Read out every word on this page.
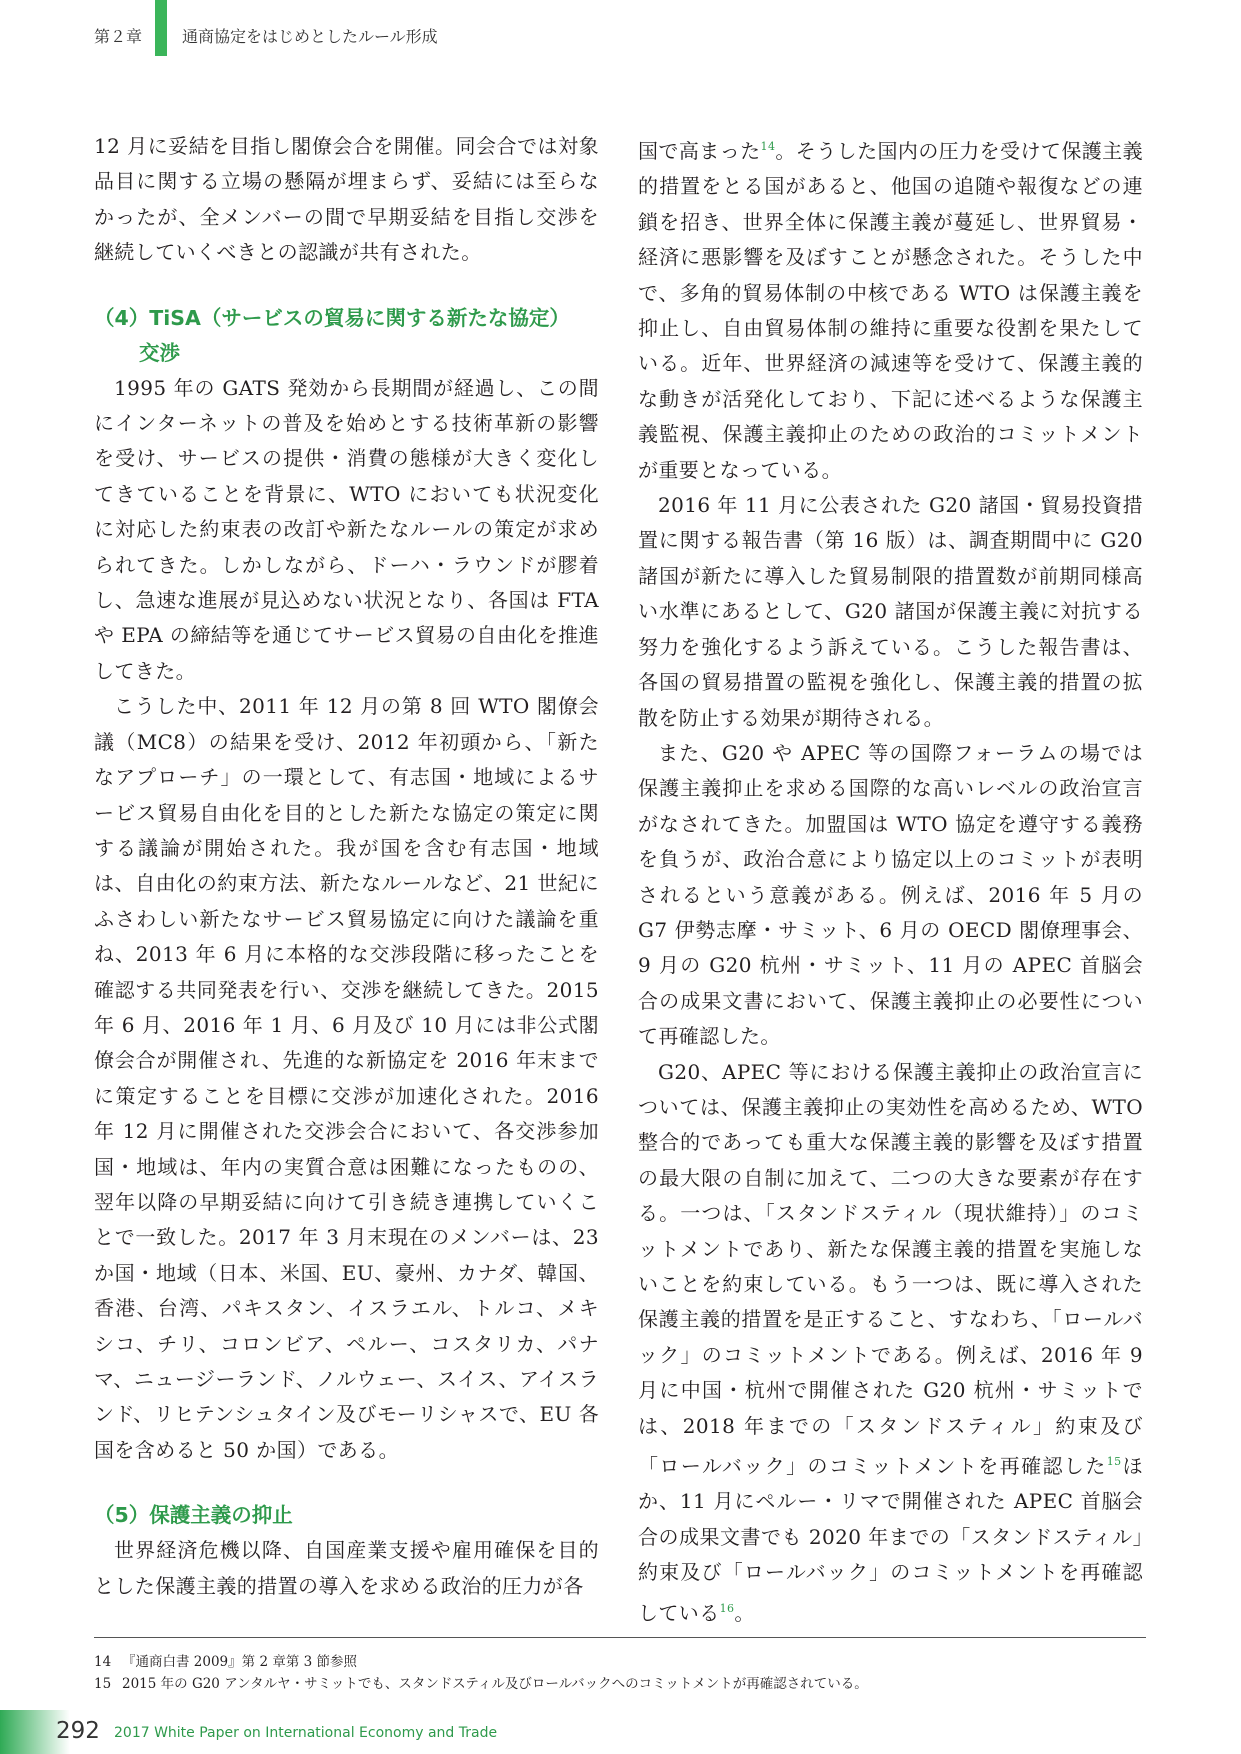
第２章 通商協定をはじめとしたルール形成

12 月に妥結を目指し閣僚会合を開催。同会合では対象品目に関する立場の懸隔が埋まらず、妥結には至らなかったが、全メンバーの間で早期妥結を目指し交渉を継続していくべきとの認識が共有された。

（4）TiSA（サービスの貿易に関する新たな協定）
交渉

1995 年の GATS 発効から長期間が経過し、この間にインターネットの普及を始めとする技術革新の影響を受け、サービスの提供・消費の態様が大きく変化してきていることを背景に、WTO においても状況変化に対応した約束表の改訂や新たなルールの策定が求められてきた。しかしながら、ドーハ・ラウンドが膠着し、急速な進展が見込めない状況となり、各国は FTA や EPA の締結等を通じてサービス貿易の自由化を推進してきた。

こうした中、2011 年 12 月の第 8 回 WTO 閣僚会議（MC8）の結果を受け、2012 年初頭から、「新たなアプローチ」の一環として、有志国・地域によるサービス貿易自由化を目的とした新たな協定の策定に関する議論が開始された。我が国を含む有志国・地域は、自由化の約束方法、新たなルールなど、21 世紀にふさわしい新たなサービス貿易協定に向けた議論を重ね、2013 年 6 月に本格的な交渉段階に移ったことを確認する共同発表を行い、交渉を継続してきた。2015 年 6 月、2016 年 1 月、6 月及び 10 月には非公式閣僚会合が開催され、先進的な新協定を 2016 年末までに策定することを目標に交渉が加速化された。2016 年 12 月に開催された交渉会合において、各交渉参加国・地域は、年内の実質合意は困難になったものの、翌年以降の早期妥結に向けて引き続き連携していくことで一致した。2017 年 3 月末現在のメンバーは、23 か国・地域（日本、米国、EU、豪州、カナダ、韓国、香港、台湾、パキスタン、イスラエル、トルコ、メキシコ、チリ、コロンビア、ペルー、コスタリカ、パナマ、ニュージーランド、ノルウェー、スイス、アイスランド、リヒテンシュタイン及びモーリシャスで、EU 各国を含めると 50 か国）である。

（5）保護主義の抑止

世界経済危機以降、自国産業支援や雇用確保を目的とした保護主義的措置の導入を求める政治的圧力が各

国で高まった$^{14}$。そうした国内の圧力を受けて保護主義的措置をとる国があると、他国の追随や報復などの連鎖を招き、世界全体に保護主義が蔓延し、世界貿易・経済に悪影響を及ぼすことが懸念された。そうした中で、多角的貿易体制の中核である WTO は保護主義を抑止し、自由貿易体制の維持に重要な役割を果たしている。近年、世界経済の減速等を受けて、保護主義的な動きが活発化しており、下記に述べるような保護主義監視、保護主義抑止のための政治的コミットメントが重要となっている。

2016 年 11 月に公表された G20 諸国・貿易投資措置に関する報告書（第 16 版）は、調査期間中に G20 諸国が新たに導入した貿易制限的措置数が前期同様高い水準にあるとして、G20 諸国が保護主義に対抗する努力を強化するよう訴えている。こうした報告書は、各国の貿易措置の監視を強化し、保護主義的措置の拡散を防止する効果が期待される。

また、G20 や APEC 等の国際フォーラムの場では保護主義抑止を求める国際的な高いレベルの政治宣言がなされてきた。加盟国は WTO 協定を遵守する義務を負うが、政治合意により協定以上のコミットが表明されるという意義がある。例えば、2016 年 5 月の G7 伊勢志摩・サミット、6 月の OECD 閣僚理事会、9 月の G20 杭州・サミット、11 月の APEC 首脳会合の成果文書において、保護主義抑止の必要性について再確認した。

G20、APEC 等における保護主義抑止の政治宣言については、保護主義抑止の実効性を高めるため、WTO 整合的であっても重大な保護主義的影響を及ぼす措置の最大限の自制に加えて、二つの大きな要素が存在する。一つは、「スタンドスティル（現状維持）」のコミットメントであり、新たな保護主義的措置を実施しないことを約束している。もう一つは、既に導入された保護主義的措置を是正すること、すなわち、「ロールバック」のコミットメントである。例えば、2016 年 9 月に中国・杭州で開催された G20 杭州・サミットでは、2018 年までの「スタンドスティル」約束及び「ロールバック」のコミットメントを再確認した$^{15}$ほか、11 月にペルー・リマで開催された APEC 首脳会合の成果文書でも 2020 年までの「スタンドスティル」約束及び「ロールバック」のコミットメントを再確認している$^{16}$。

14 『通商白書 2009』第 2 章第 3 節参照
15 2015 年の G20 アンタルヤ・サミットでも、スタンドスティル及びロールバックへのコミットメントが再確認されている。
292 2017 White Paper on International Economy and Trade
